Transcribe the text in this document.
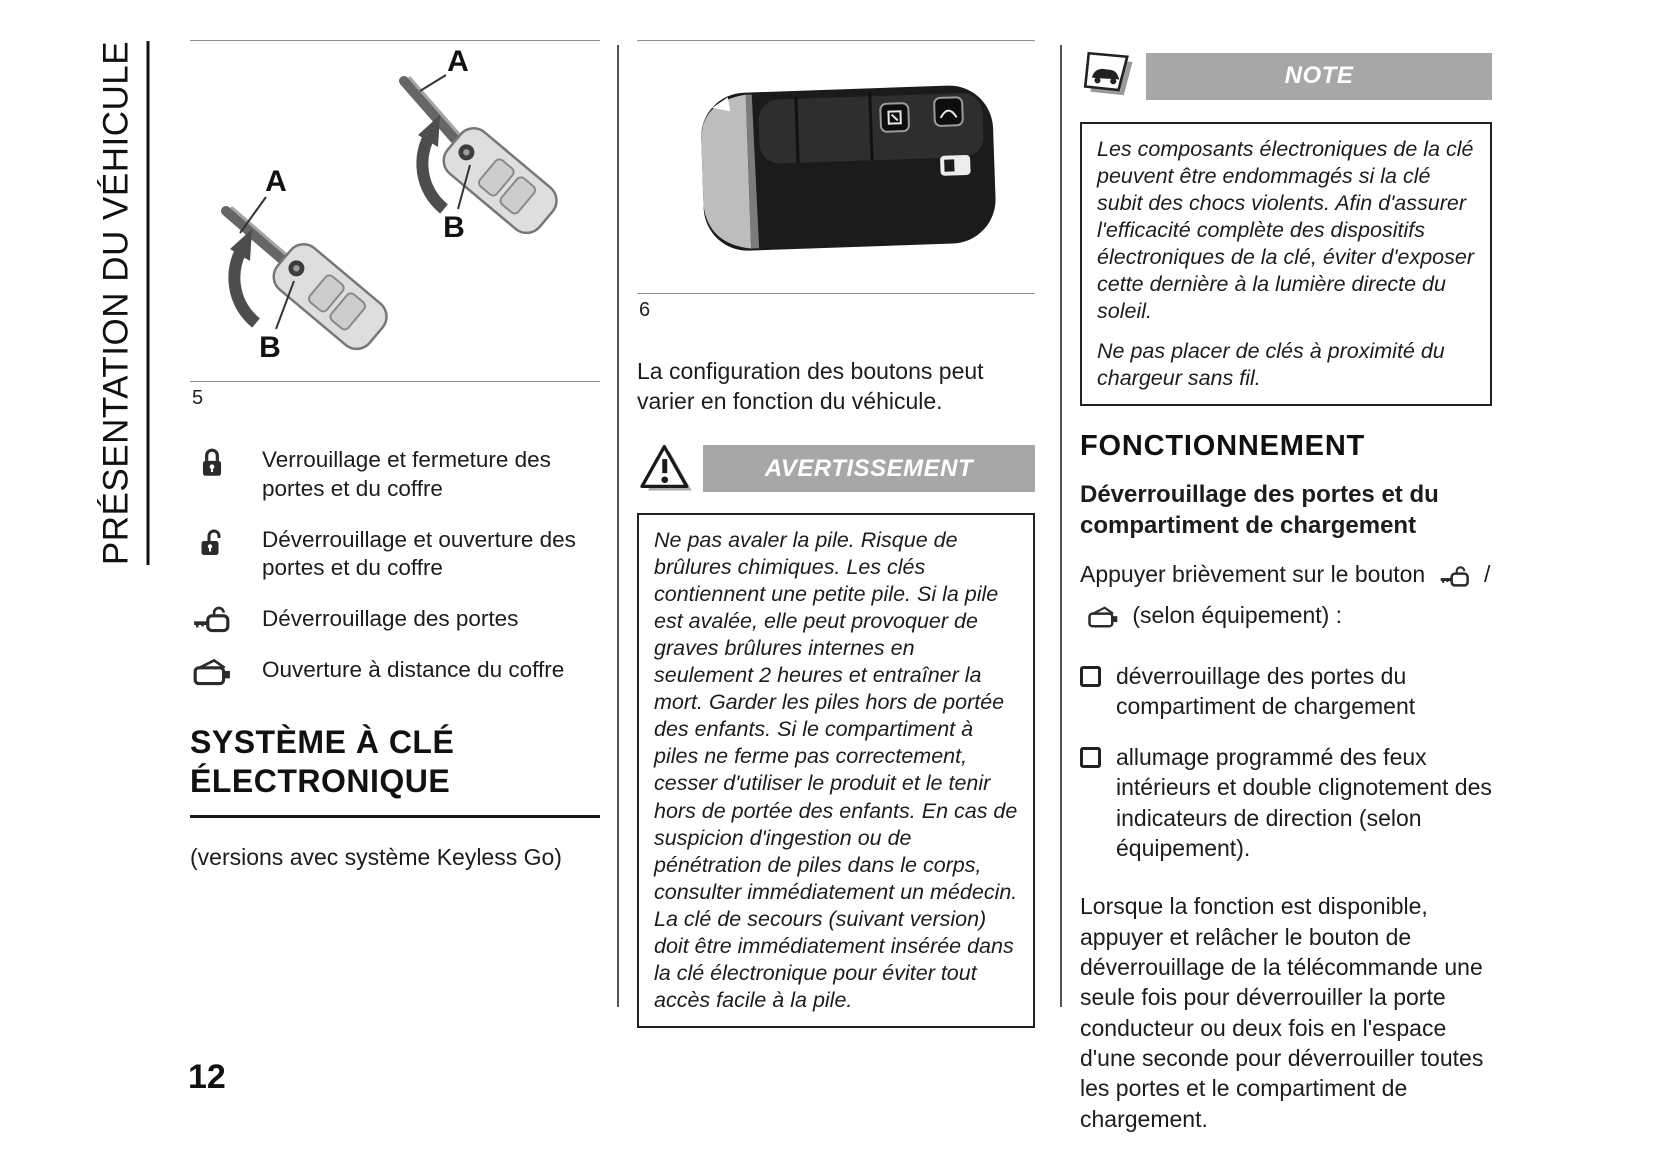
PRÉSENTATION DU VÉHICULE	A
B
A
B
5
Verrouillage et fermeture des portes et du coffre
Déverrouillage et ouverture des portes et du coffre
Déverrouillage des portes
Ouverture à distance du coffre
SYSTÈME À CLÉ ÉLECTRONIQUE
(versions avec système Keyless Go)
6

La configuration des boutons peut varier en fonction du véhicule.

AVERTISSEMENT

Ne pas avaler la pile. Risque de brûlures chimiques. Les clés contiennent une petite pile. Si la pile est avalée, elle peut provoquer de graves brûlures internes en seulement 2 heures et entraîner la mort. Garder les piles hors de portée des enfants. Si le compartiment à piles ne ferme pas correctement, cesser d'utiliser le produit et le tenir hors de portée des enfants. En cas de suspicion d'ingestion ou de pénétration de piles dans le corps, consulter immédiatement un médecin. La clé de secours (suivant version) doit être immédiatement insérée dans la clé électronique pour éviter tout accès facile à la pile.

NOTE

Les composants électroniques de la clé peuvent être endommagés si la clé subit des chocs violents. Afin d'assurer l'efficacité complète des dispositifs électroniques de la clé, éviter d'exposer cette dernière à la lumière directe du soleil.

Ne pas placer de clés à proximité du chargeur sans fil.

FONCTIONNEMENT
Déverrouillage des portes et du compartiment de chargement

Appuyer brièvement sur le bouton	/  (selon équipement) :

déverrouillage des portes du compartiment de chargement
allumage programmé des feux intérieurs et double clignotement des indicateurs de direction (selon équipement).

Lorsque la fonction est disponible, appuyer et relâcher le bouton de déverrouillage de la télécommande une seule fois pour déverrouiller la porte conducteur ou deux fois en l'espace d'une seconde pour déverrouiller toutes les portes et le compartiment de chargement.

12
